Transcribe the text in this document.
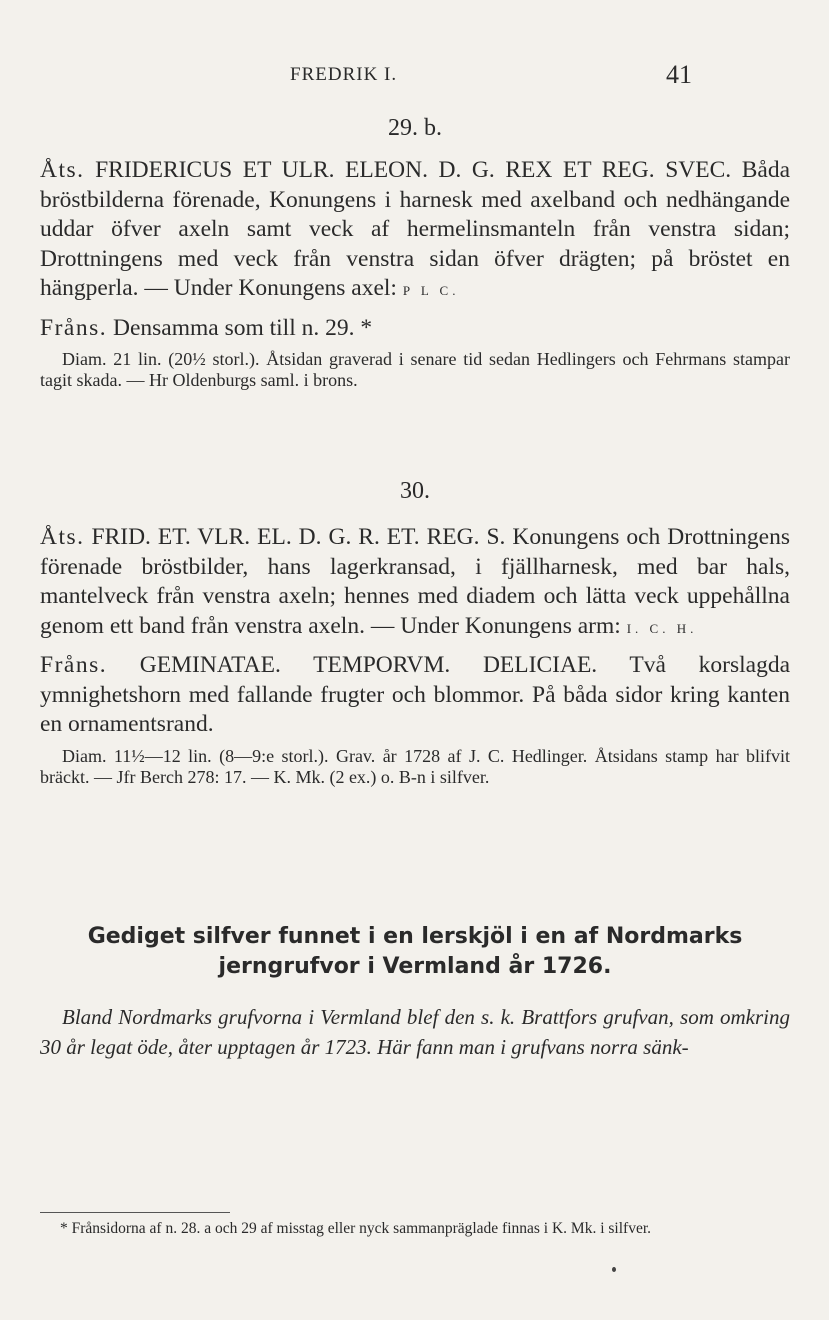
FREDRIK I.	41
29. b.
Åts. FRIDERICUS ET ULR. ELEON. D. G. REX ET REG. SVEC. Båda bröstbilderna förenade, Konungens i harnesk med axelband och nedhängande uddar öfver axeln samt veck af hermelinsmanteln från venstra sidan; Drottningens med veck från venstra sidan öfver drägten; på bröstet en hängperla. — Under Konungens axel: P L C.
Fråns. Densamma som till n. 29. *
Diam. 21 lin. (20½ storl.). Åtsidan graverad i senare tid sedan Hedlingers och Fehrmans stampar tagit skada. — Hr Oldenburgs saml. i brons.
30.
Åts. FRID. ET. VLR. EL. D. G. R. ET. REG. S. Konungens och Drottningens förenade bröstbilder, hans lagerkransad, i fjällharnesk, med bar hals, mantelveck från venstra axeln; hennes med diadem och lätta veck uppehållna genom ett band från venstra axeln. — Under Konungens arm: I. C. H.
Fråns. GEMINATAE. TEMPORVM. DELICIAE. Två korslagda ymnighetshorn med fallande frugter och blommor. På båda sidor kring kanten en ornamentsrand.
Diam. 11½—12 lin. (8—9:e storl.). Grav. år 1728 af J. C. Hedlinger. Åtsidans stamp har blifvit bräckt. — Jfr Berch 278: 17. — K. Mk. (2 ex.) o. B-n i silfver.
Gediget silfver funnet i en lerskjöl i en af Nordmarks jerngrufvor i Vermland år 1726.
Bland Nordmarks grufvorna i Vermland blef den s. k. Brattfors grufvan, som omkring 30 år legat öde, åter upptagen år 1723. Här fann man i grufvans norra sänk-
* Frånsidorna af n. 28. a och 29 af misstag eller nyck sammanpräglade finnas i K. Mk. i silfver.
